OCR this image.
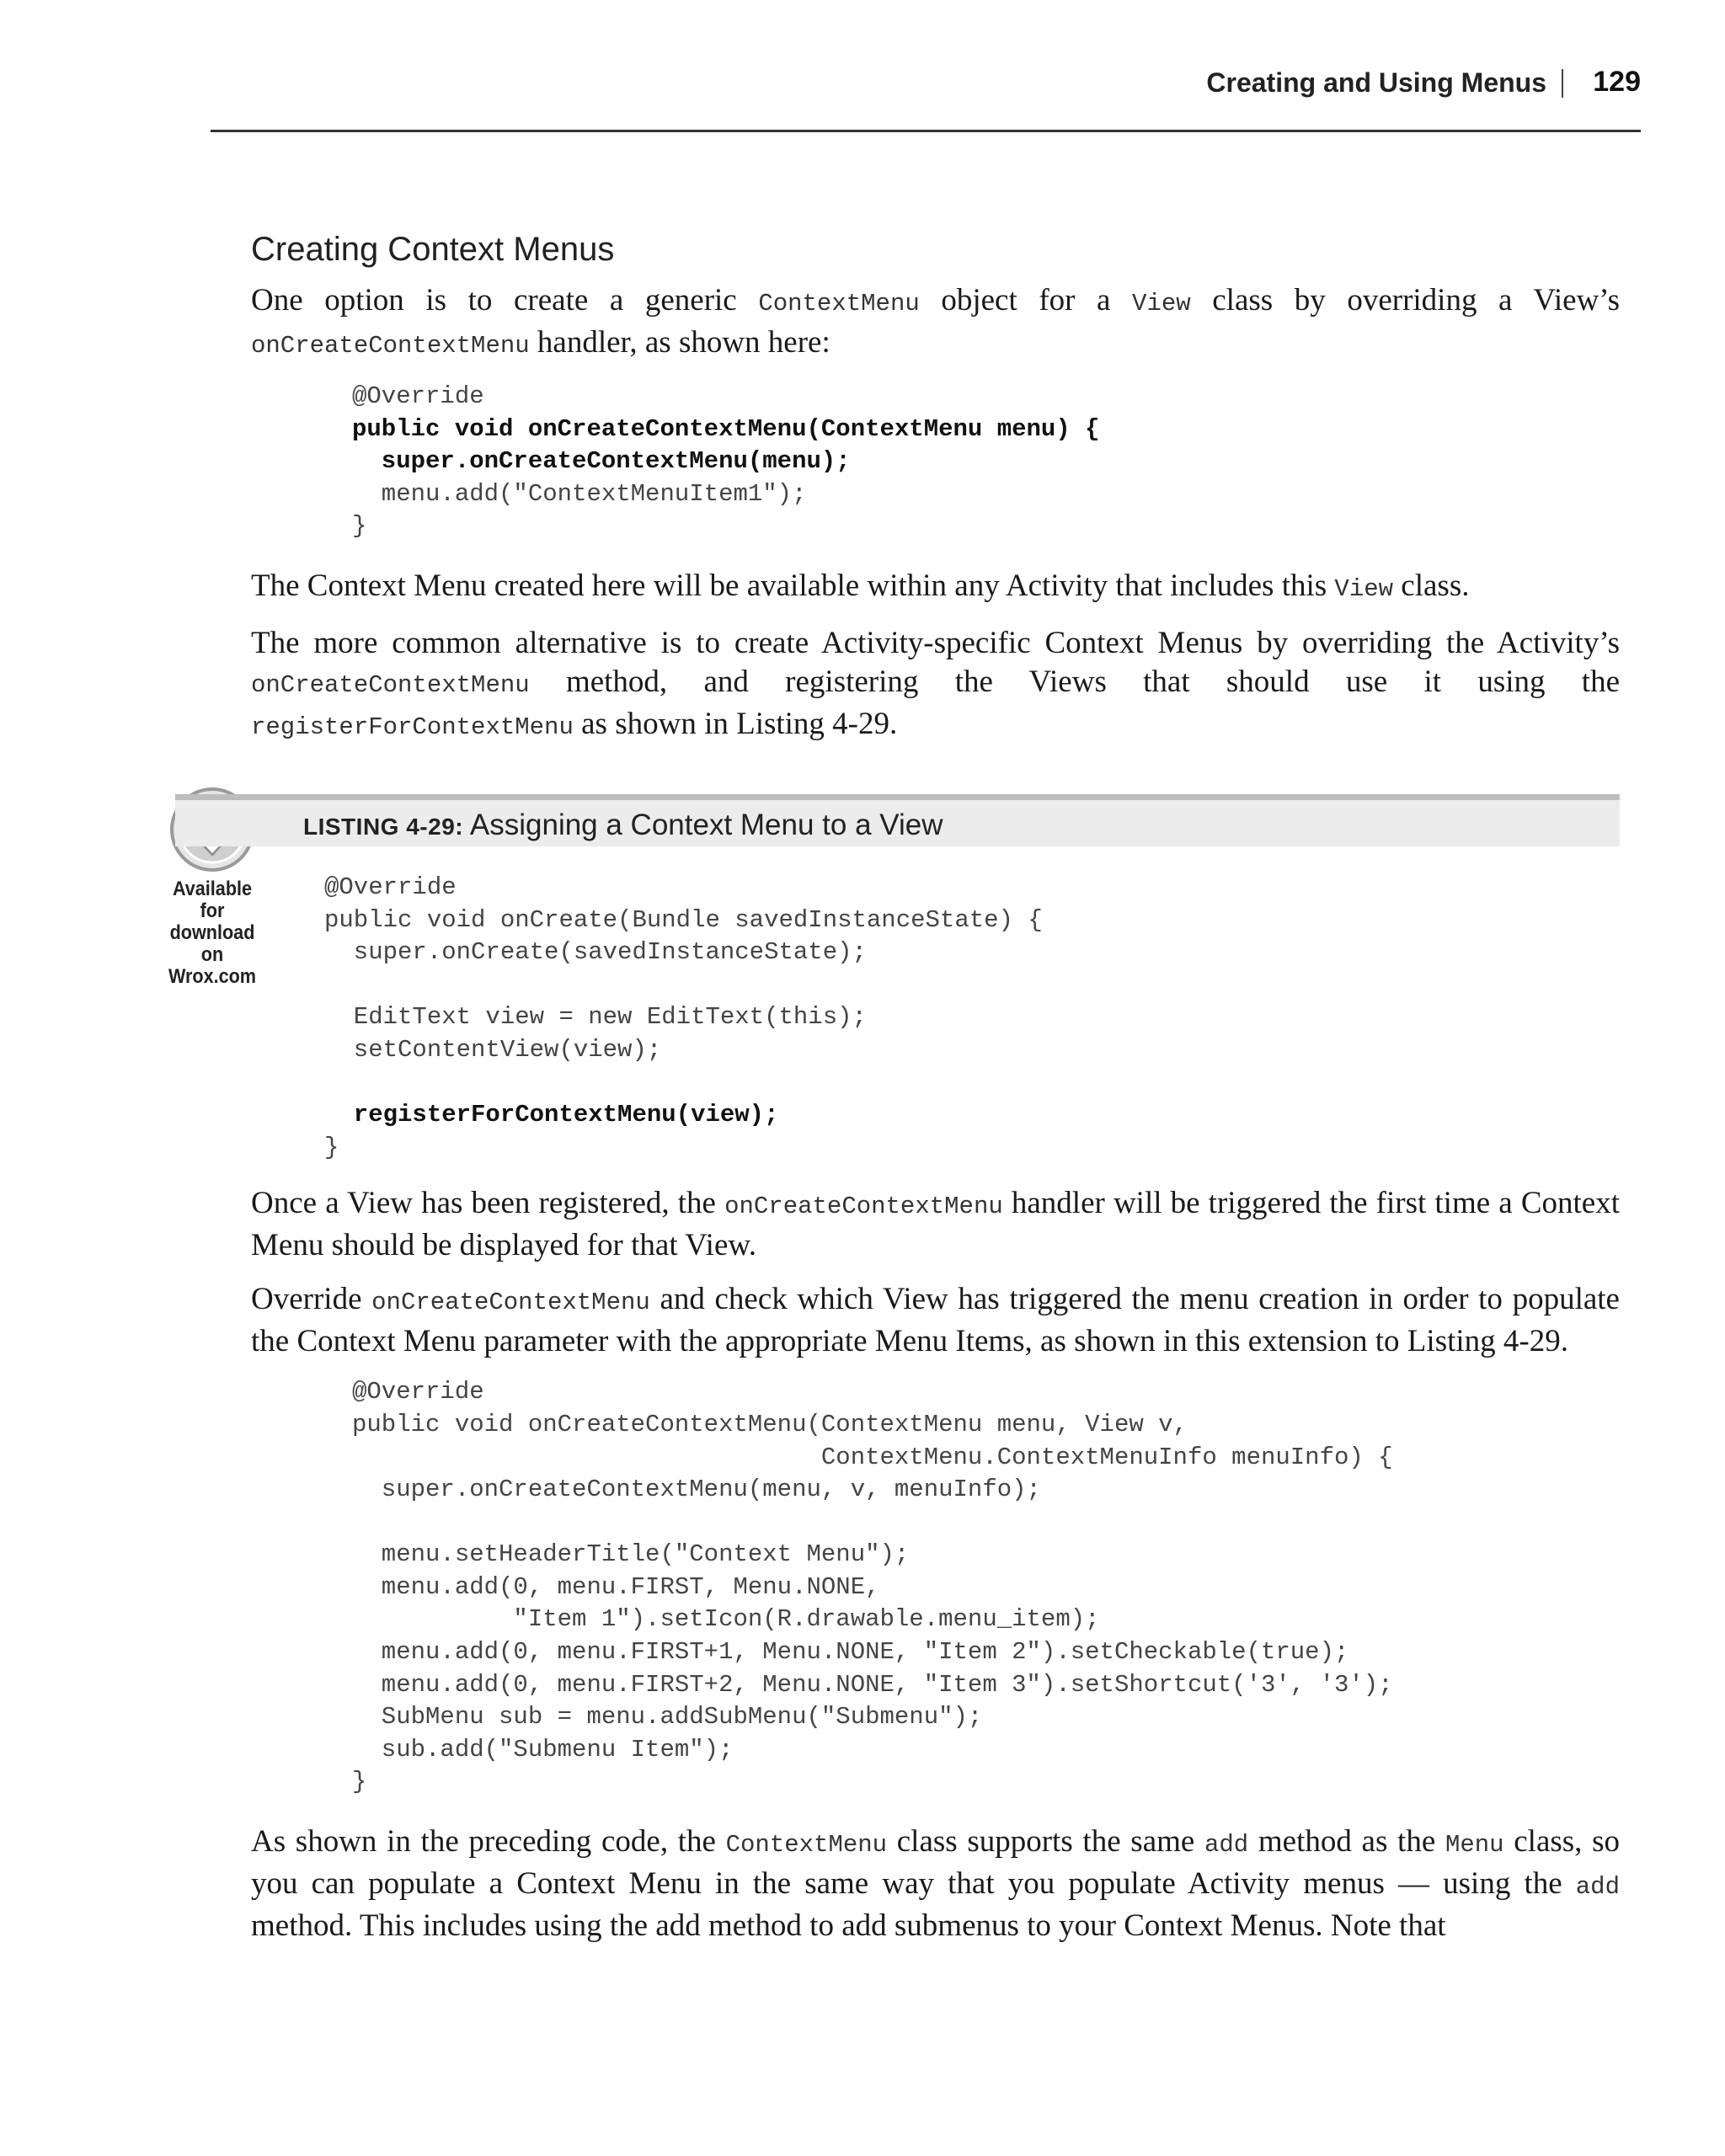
Creating and Using Menus 129
Creating Context Menus

One option is to create a generic ContextMenu object for a View class by overriding a View’s onCreateContextMenu handler, as shown here:

@Override
public void onCreateContextMenu(ContextMenu menu) {
super.onCreateContextMenu(menu);
menu.add("ContextMenuItem1");
}

The Context Menu created here will be available within any Activity that includes this View class.

The more common alternative is to create Activity-specific Context Menus by overriding the Activity’s onCreateContextMenu method, and registering the Views that should use it using the registerForContextMenu as shown in Listing 4-29.

Available for
download on
Wrox.com
LISTING 4-29: Assigning a Context Menu to a View
@Override
public void onCreate(Bundle savedInstanceState) {
super.onCreate(savedInstanceState);
EditText view = new EditText(this);
setContentView(view);
registerForContextMenu(view);
}

Once a View has been registered, the onCreateContextMenu handler will be triggered the first time a Context Menu should be displayed for that View.

Override onCreateContextMenu and check which View has triggered the menu creation in order to populate the Context Menu parameter with the appropriate Menu Items, as shown in this extension to Listing 4-29.

@Override
public void onCreateContextMenu(ContextMenu menu, View v,
ContextMenu.ContextMenuInfo menuInfo) {
super.onCreateContextMenu(menu, v, menuInfo);
menu.setHeaderTitle("Context Menu");
menu.add(0, menu.FIRST, Menu.NONE,
"Item 1").setIcon(R.drawable.menu_item);
menu.add(0, menu.FIRST+1, Menu.NONE, "Item 2").setCheckable(true);
menu.add(0, menu.FIRST+2, Menu.NONE, "Item 3").setShortcut('3', '3');
SubMenu sub = menu.addSubMenu("Submenu");
sub.add("Submenu Item");
}

As shown in the preceding code, the ContextMenu class supports the same add method as the Menu class, so you can populate a Context Menu in the same way that you populate Activity menus — using the add method. This includes using the add method to add submenus to your Context Menus. Note that
